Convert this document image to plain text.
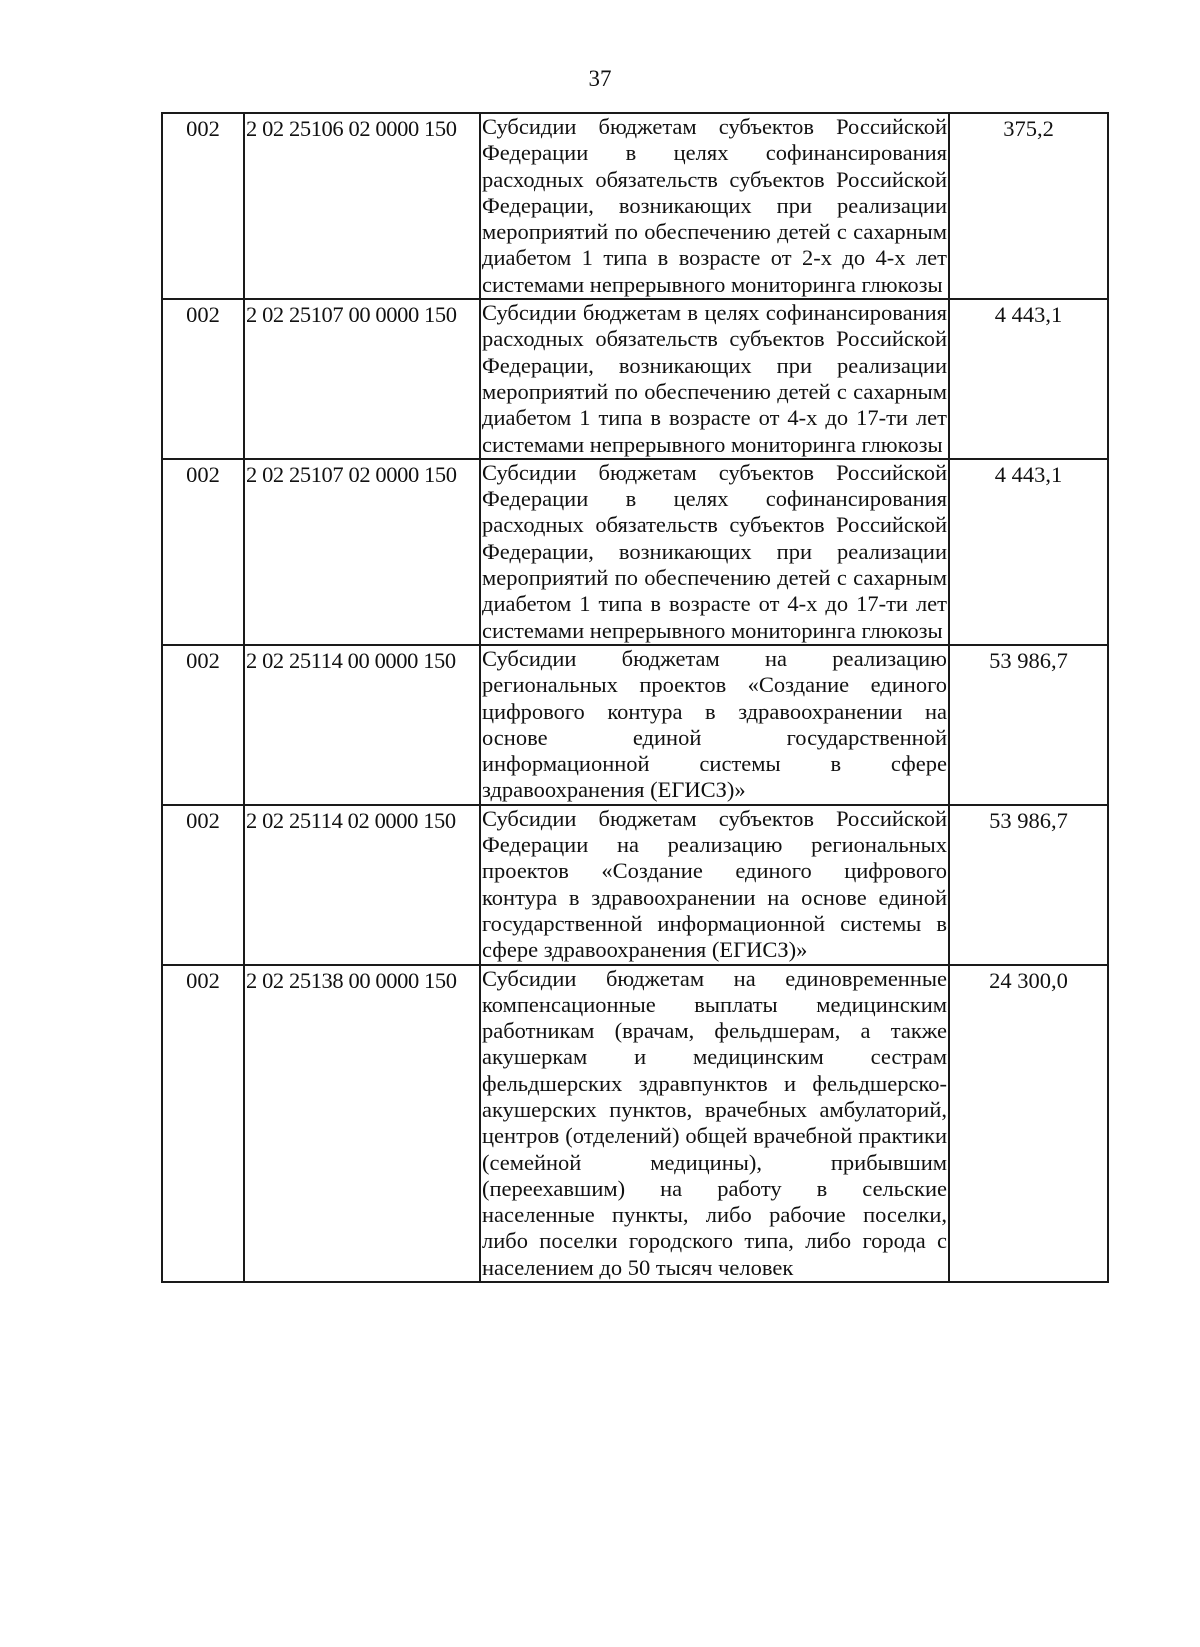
37
002	2 02 25106 02 0000 150	Субсидии бюджетам субъектов Российской Федерации в целях софинансирования расходных обязательств субъектов Российской Федерации, возникающих при реализации мероприятий по обеспечению детей с сахарным диабетом 1 типа в возрасте от 2-х до 4-х лет системами непрерывного мониторинга глюкозы	375,2
002	2 02 25107 00 0000 150	Субсидии бюджетам в целях софинансирования расходных обязательств субъектов Российской Федерации, возникающих при реализации мероприятий по обеспечению детей с сахарным диабетом 1 типа в возрасте от 4-х до 17-ти лет системами непрерывного мониторинга глюкозы	4 443,1
002	2 02 25107 02 0000 150	Субсидии бюджетам субъектов Российской Федерации в целях софинансирования расходных обязательств субъектов Российской Федерации, возникающих при реализации мероприятий по обеспечению детей с сахарным диабетом 1 типа в возрасте от 4-х до 17-ти лет системами непрерывного мониторинга глюкозы	4 443,1
002	2 02 25114 00 0000 150	Субсидии бюджетам на реализацию региональных проектов «Создание единого цифрового контура в здравоохранении на основе единой государственной информационной системы в сфере здравоохранения (ЕГИСЗ)»	53 986,7
002	2 02 25114 02 0000 150	Субсидии бюджетам субъектов Российской Федерации на реализацию региональных проектов «Создание единого цифрового контура в здравоохранении на основе единой государственной информационной системы в сфере здравоохранения (ЕГИСЗ)»	53 986,7
002	2 02 25138 00 0000 150	Субсидии бюджетам на единовременные компенсационные выплаты медицинским работникам (врачам, фельдшерам, а также акушеркам и медицинским сестрам фельдшерских здравпунктов и фельдшерско-акушерских пунктов, врачебных амбулаторий, центров (отделений) общей врачебной практики (семейной медицины), прибывшим (переехавшим) на работу в сельские населенные пункты, либо рабочие поселки, либо поселки городского типа, либо города с населением до 50 тысяч человек	24 300,0
